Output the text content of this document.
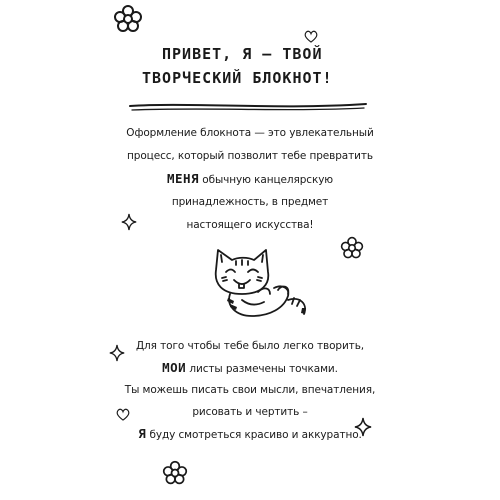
ПРИВЕТ, Я – ТВОЙ
ТВОРЧЕСКИЙ БЛОКНОТ!
Оформление блокнота — это увлекательный
процесс, который позволит тебе превратить
МЕНЯ обычную канцелярскую
принадлежность, в предмет
настоящего искусства!
Для того чтобы тебе было легко творить,
МОИ листы размечены точками.
Ты можешь писать свои мысли, впечатления,
рисовать и чертить –
Я буду смотреться красиво и аккуратно.
